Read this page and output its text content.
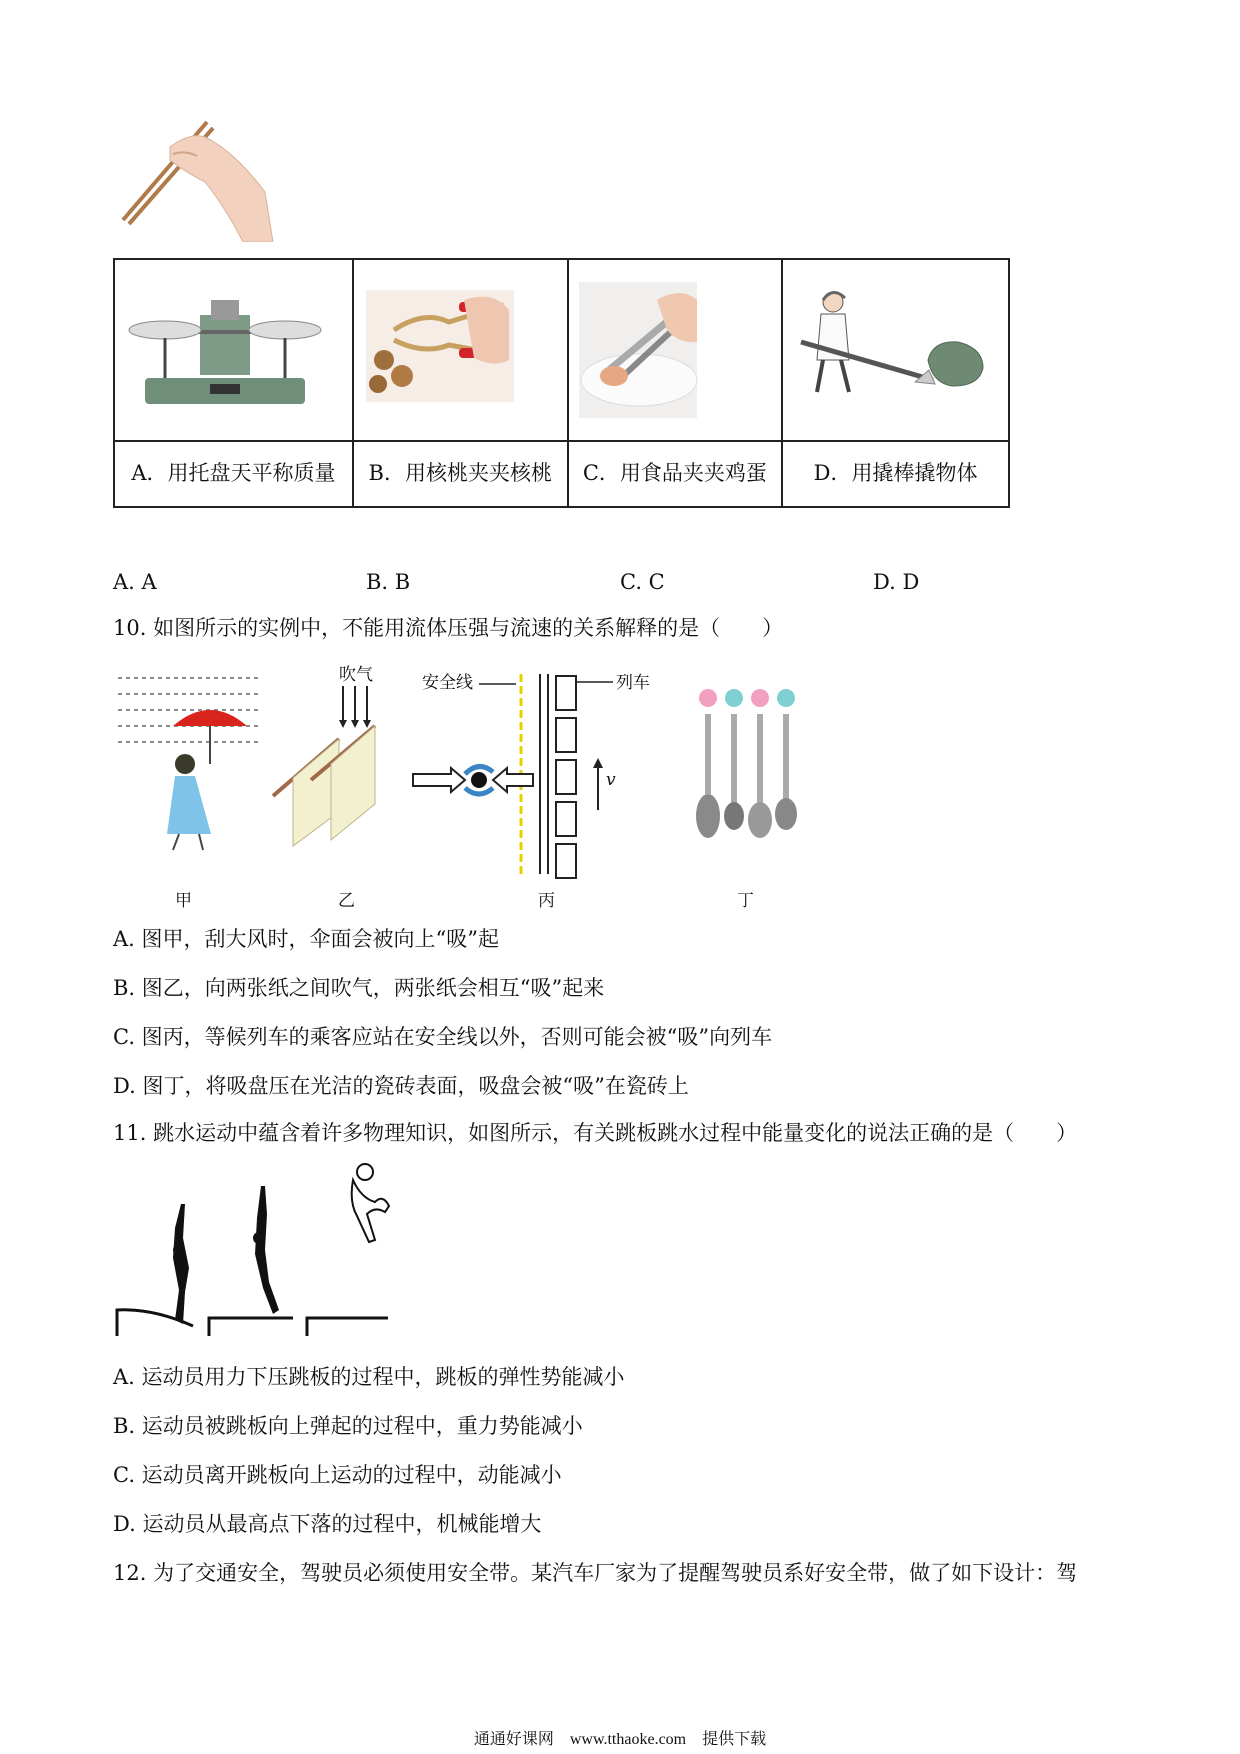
A．用托盘天平称质量	B．用核桃夹夹核桃	C．用食品夹夹鸡蛋	D．用撬棒撬物体
A. A	B. B	C. C	D. D
10. 如图所示的实例中，不能用流体压强与流速的关系解释的是（　　）
吹气	安全线	列车
v
甲	乙	丙	丁
A. 图甲，刮大风时，伞面会被向上“吸”起
B. 图乙，向两张纸之间吹气，两张纸会相互“吸”起来
C. 图丙，等候列车的乘客应站在安全线以外，否则可能会被“吸”向列车
D. 图丁，将吸盘压在光洁的瓷砖表面，吸盘会被“吸”在瓷砖上
11. 跳水运动中蕴含着许多物理知识，如图所示，有关跳板跳水过程中能量变化的说法正确的是（　　）
A. 运动员用力下压跳板的过程中，跳板的弹性势能减小
B. 运动员被跳板向上弹起的过程中，重力势能减小
C. 运动员离开跳板向上运动的过程中，动能减小
D. 运动员从最高点下落的过程中，机械能增大
12. 为了交通安全，驾驶员必须使用安全带。某汽车厂家为了提醒驾驶员系好安全带，做了如下设计：驾
通通好课网　www.tthaoke.com　提供下载
